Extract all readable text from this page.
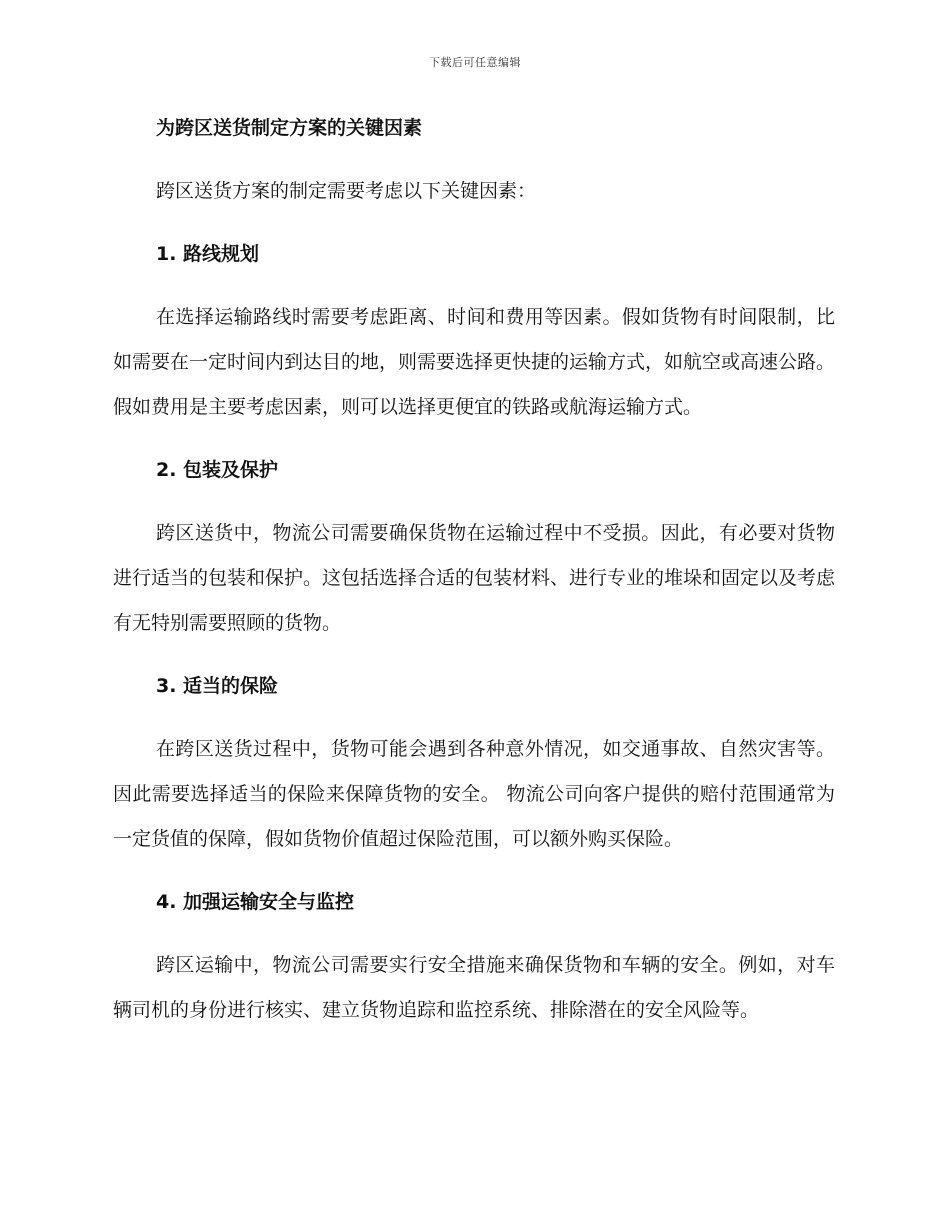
下载后可任意编辑
为跨区送货制定方案的关键因素

跨区送货方案的制定需要考虑以下关键因素：

1. 路线规划

在选择运输路线时需要考虑距离、时间和费用等因素。假如货物有时间限制，比如需要在一定时间内到达目的地，则需要选择更快捷的运输方式，如航空或高速公路。假如费用是主要考虑因素，则可以选择更便宜的铁路或航海运输方式。

2. 包装及保护

跨区送货中，物流公司需要确保货物在运输过程中不受损。因此，有必要对货物进行适当的包装和保护。这包括选择合适的包装材料、进行专业的堆垛和固定以及考虑有无特别需要照顾的货物。

3. 适当的保险

在跨区送货过程中，货物可能会遇到各种意外情况，如交通事故、自然灾害等。因此需要选择适当的保险来保障货物的安全。 物流公司向客户提供的赔付范围通常为一定货值的保障，假如货物价值超过保险范围，可以额外购买保险。

4. 加强运输安全与监控

跨区运输中，物流公司需要实行安全措施来确保货物和车辆的安全。例如，对车辆司机的身份进行核实、建立货物追踪和监控系统、排除潜在的安全风险等。
